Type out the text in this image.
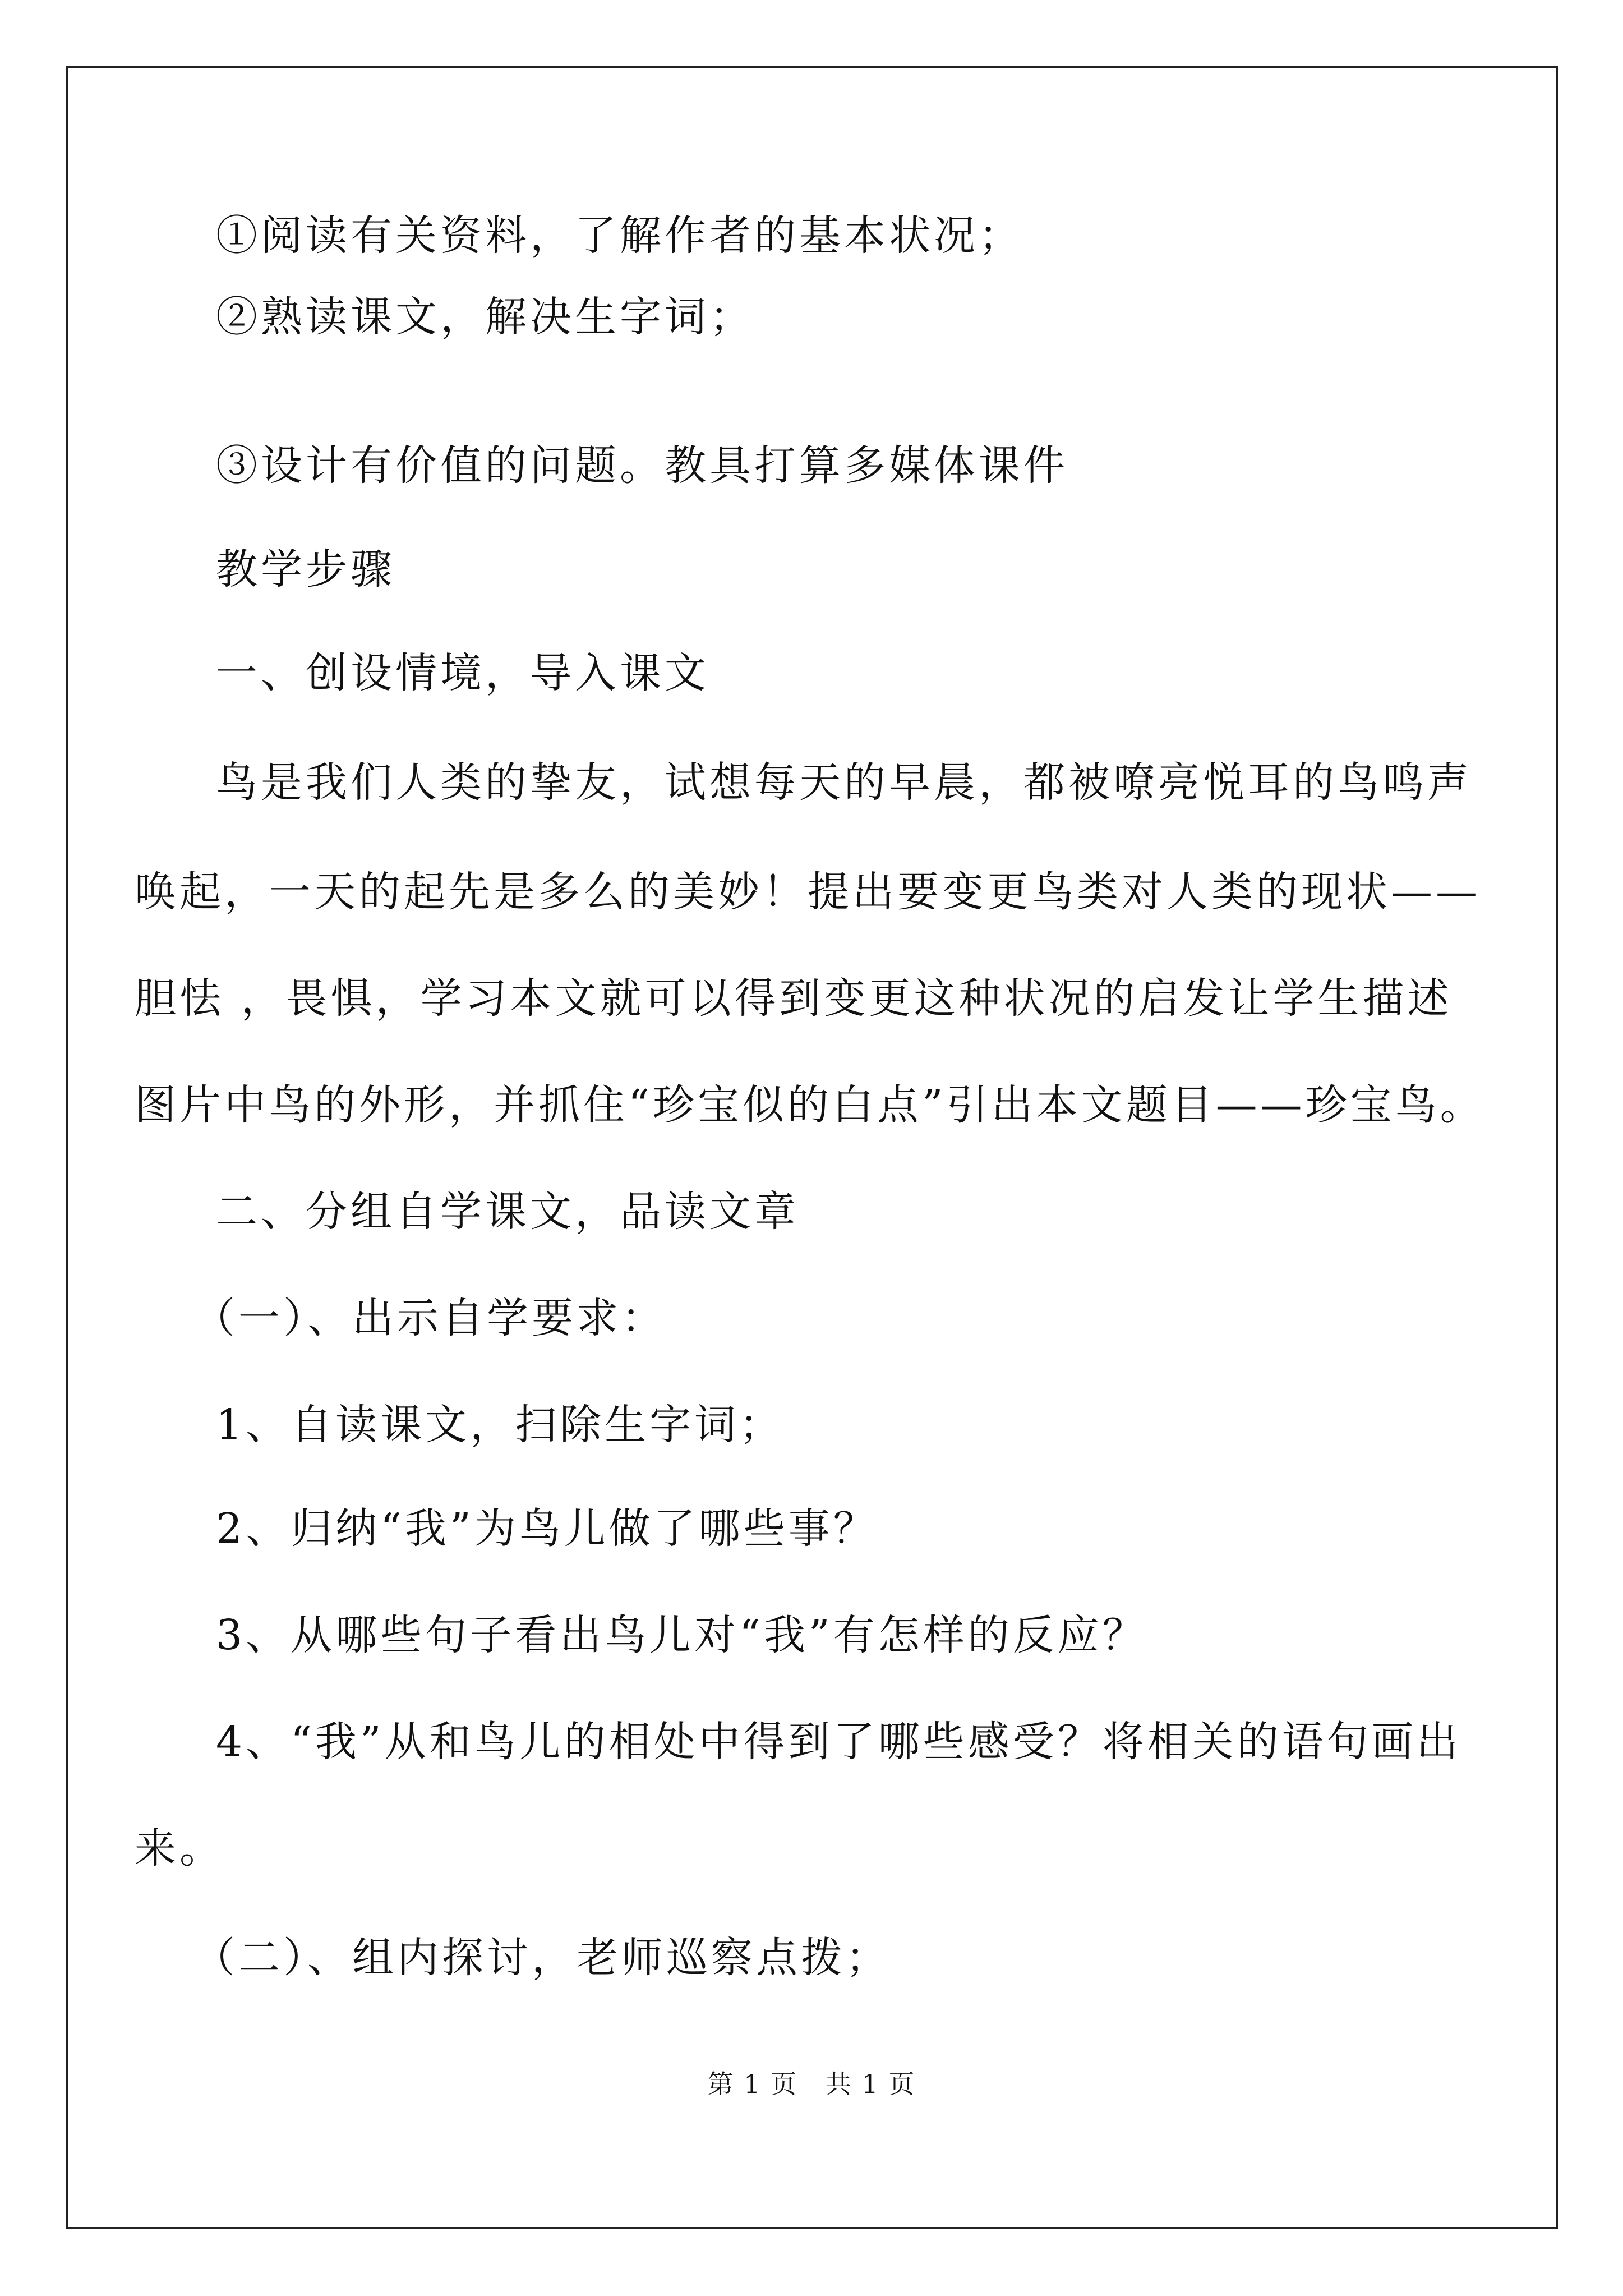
①阅读有关资料，了解作者的基本状况；

②熟读课文，解决生字词；

③设计有价值的问题。教具打算多媒体课件

教学步骤

一、创设情境，导入课文

鸟是我们人类的挚友，试想每天的早晨，都被嘹亮悦耳的鸟鸣声

唤起，一天的起先是多么的美妙！提出要变更鸟类对人类的现状——

胆怯 ，畏惧，学习本文就可以得到变更这种状况的启发让学生描述

图片中鸟的外形，并抓住“珍宝似的白点”引出本文题目——珍宝鸟。

二、分组自学课文，品读文章

（一）、出示自学要求：

1、自读课文，扫除生字词；

2、归纳“我”为鸟儿做了哪些事？

3、从哪些句子看出鸟儿对“我”有怎样的反应？

4、“我”从和鸟儿的相处中得到了哪些感受？将相关的语句画出

来。

（二）、组内探讨，老师巡察点拨；

第 1 页   共 1 页
